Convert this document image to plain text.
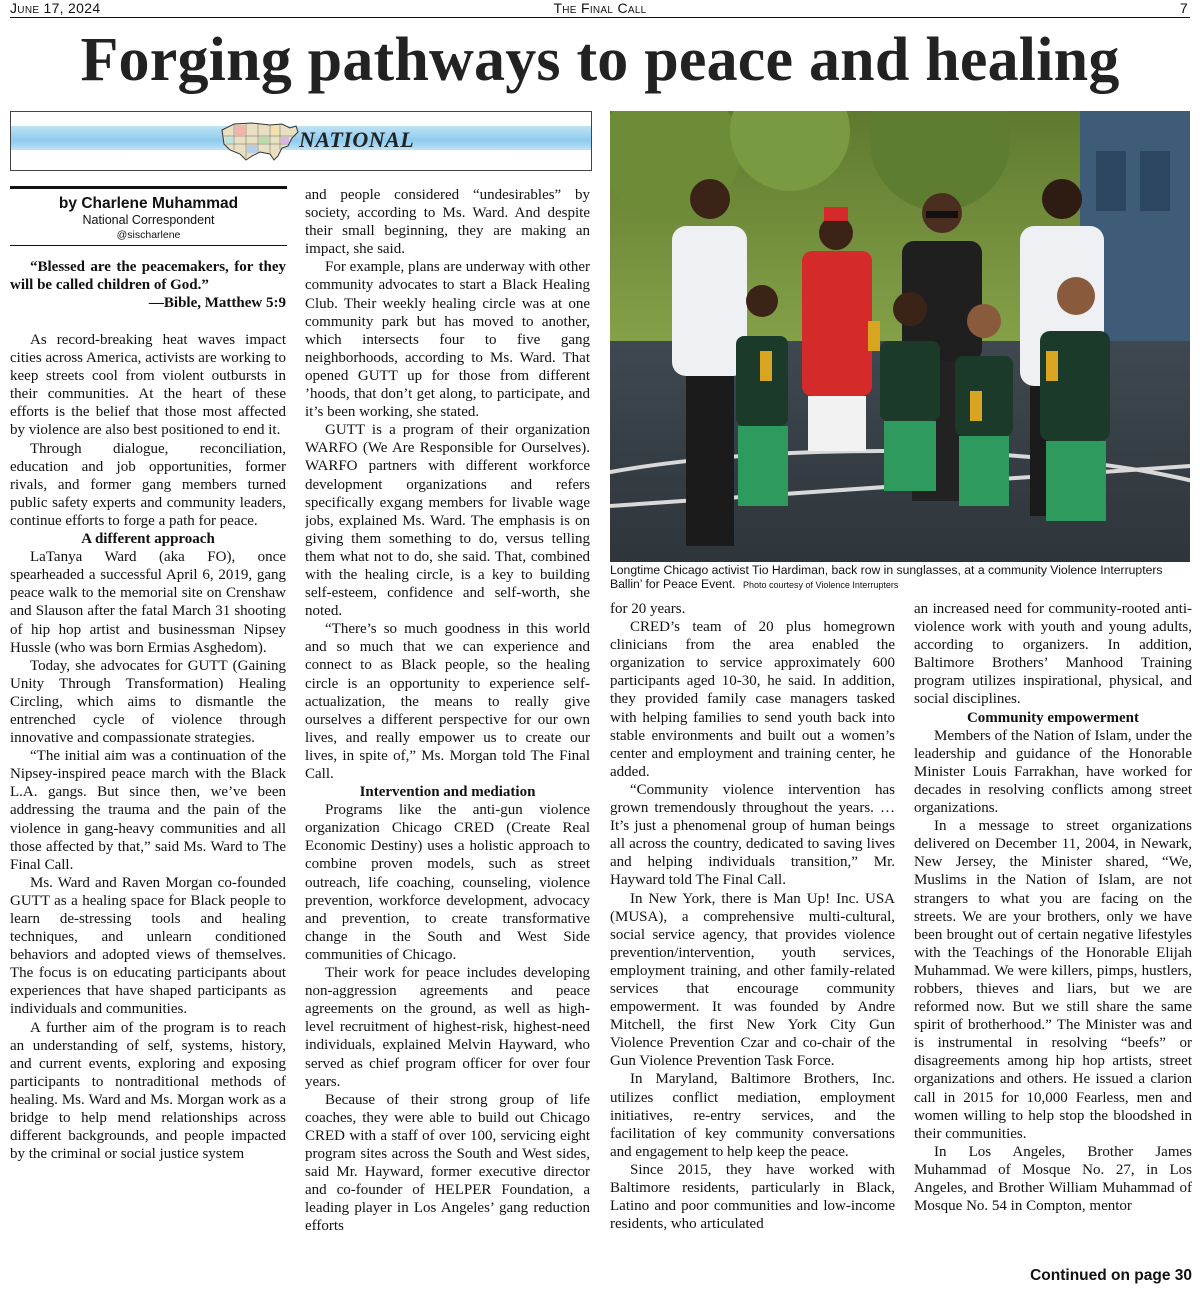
June 17, 2024	The Final Call	7
Forging pathways to peace and healing
NATIONAL
Longtime Chicago activist Tio Hardiman, back row in sunglasses, at a community Violence Interrupters Ballin’ for Peace Event. Photo courtesy of Violence Interrupters
by Charlene Muhammad
National Correspondent
@sischarlene

“Blessed are the peacemakers, for they will be called children of God.”

—Bible, Matthew 5:9

As record-breaking heat waves impact cities across America, activists are working to keep streets cool from violent outbursts in their communities. At the heart of these efforts is the belief that those most affected by violence are also best positioned to end it.

Through dialogue, reconciliation, education and job opportunities, former rivals, and former gang members turned public safety experts and community leaders, continue efforts to forge a path for peace.

A different approach

LaTanya Ward (aka FO), once spearheaded a successful April 6, 2019, gang peace walk to the memorial site on Crenshaw and Slauson after the fatal March 31 shooting of hip hop artist and businessman Nipsey Hussle (who was born Ermias Asghedom).

Today, she advocates for GUTT (Gaining Unity Through Transformation) Healing Circling, which aims to dismantle the entrenched cycle of violence through innovative and compassionate strategies.

“The initial aim was a continuation of the Nipsey-inspired peace march with the Black L.A. gangs. But since then, we’ve been addressing the trauma and the pain of the violence in gang-heavy communities and all those affected by that,” said Ms. Ward to The Final Call.

Ms. Ward and Raven Morgan co-founded GUTT as a healing space for Black people to learn de-stressing tools and healing techniques, and unlearn conditioned behaviors and adopted views of themselves. The focus is on educating participants about experiences that have shaped participants as individuals and communities.

A further aim of the program is to reach an understanding of self, systems, history, and current events, exploring and exposing participants to nontraditional methods of healing. Ms. Ward and Ms. Morgan work as a bridge to help mend relationships across different backgrounds, and people impacted by the criminal or social justice system

and people considered “undesirables” by society, according to Ms. Ward. And despite their small beginning, they are making an impact, she said.

For example, plans are underway with other community advocates to start a Black Healing Club. Their weekly healing circle was at one community park but has moved to another, which intersects four to five gang neighborhoods, according to Ms. Ward. That opened GUTT up for those from different ’hoods, that don’t get along, to participate, and it’s been working, she stated.

GUTT is a program of their organization WARFO (We Are Responsible for Ourselves). WARFO partners with different workforce development organizations and refers specifically exgang members for livable wage jobs, explained Ms. Ward. The emphasis is on giving them something to do, versus telling them what not to do, she said. That, combined with the healing circle, is a key to building self-esteem, confidence and self-worth, she noted.

“There’s so much goodness in this world and so much that we can experience and connect to as Black people, so the healing circle is an opportunity to experience self-actualization, the means to really give ourselves a different perspective for our own lives, and really empower us to create our lives, in spite of,” Ms. Morgan told The Final Call.

Intervention and mediation

Programs like the anti-gun violence organization Chicago CRED (Create Real Economic Destiny) uses a holistic approach to combine proven models, such as street outreach, life coaching, counseling, violence prevention, workforce development, advocacy and prevention, to create transformative change in the South and West Side communities of Chicago.

Their work for peace includes developing non-aggression agreements and peace agreements on the ground, as well as high-level recruitment of highest-risk, highest-need individuals, explained Melvin Hayward, who served as chief program officer for over four years.

Because of their strong group of life coaches, they were able to build out Chicago CRED with a staff of over 100, servicing eight program sites across the South and West sides, said Mr. Hayward, former executive director and co-founder of HELPER Foundation, a leading player in Los Angeles’ gang reduction efforts

for 20 years.

CRED’s team of 20 plus homegrown clinicians from the area enabled the organization to service approximately 600 participants aged 10-30, he said. In addition, they provided family case managers tasked with helping families to send youth back into stable environments and built out a women’s center and employment and training center, he added.

“Community violence intervention has grown tremendously throughout the years. … It’s just a phenomenal group of human beings all across the country, dedicated to saving lives and helping individuals transition,” Mr. Hayward told The Final Call.

In New York, there is Man Up! Inc. USA (MUSA), a comprehensive multi-cultural, social service agency, that provides violence prevention/intervention, youth services, employment training, and other family-related services that encourage community empowerment. It was founded by Andre Mitchell, the first New York City Gun Violence Prevention Czar and co-chair of the Gun Violence Prevention Task Force.

In Maryland, Baltimore Brothers, Inc. utilizes conflict mediation, employment initiatives, re-entry services, and the facilitation of key community conversations and engagement to help keep the peace.

Since 2015, they have worked with Baltimore residents, particularly in Black, Latino and poor communities and low-income residents, who articulated

an increased need for community-rooted anti-violence work with youth and young adults, according to organizers. In addition, Baltimore Brothers’ Manhood Training program utilizes inspirational, physical, and social disciplines.

Community empowerment

Members of the Nation of Islam, under the leadership and guidance of the Honorable Minister Louis Farrakhan, have worked for decades in resolving conflicts among street organizations.

In a message to street organizations delivered on December 11, 2004, in Newark, New Jersey, the Minister shared, “We, Muslims in the Nation of Islam, are not strangers to what you are facing on the streets. We are your brothers, only we have been brought out of certain negative lifestyles with the Teachings of the Honorable Elijah Muhammad. We were killers, pimps, hustlers, robbers, thieves and liars, but we are reformed now. But we still share the same spirit of brotherhood.” The Minister was and is instrumental in resolving “beefs” or disagreements among hip hop artists, street organizations and others. He issued a clarion call in 2015 for 10,000 Fearless, men and women willing to help stop the bloodshed in their communities.

In Los Angeles, Brother James Muhammad of Mosque No. 27, in Los Angeles, and Brother William Muhammad of Mosque No. 54 in Compton, mentor

Continued on page 30
